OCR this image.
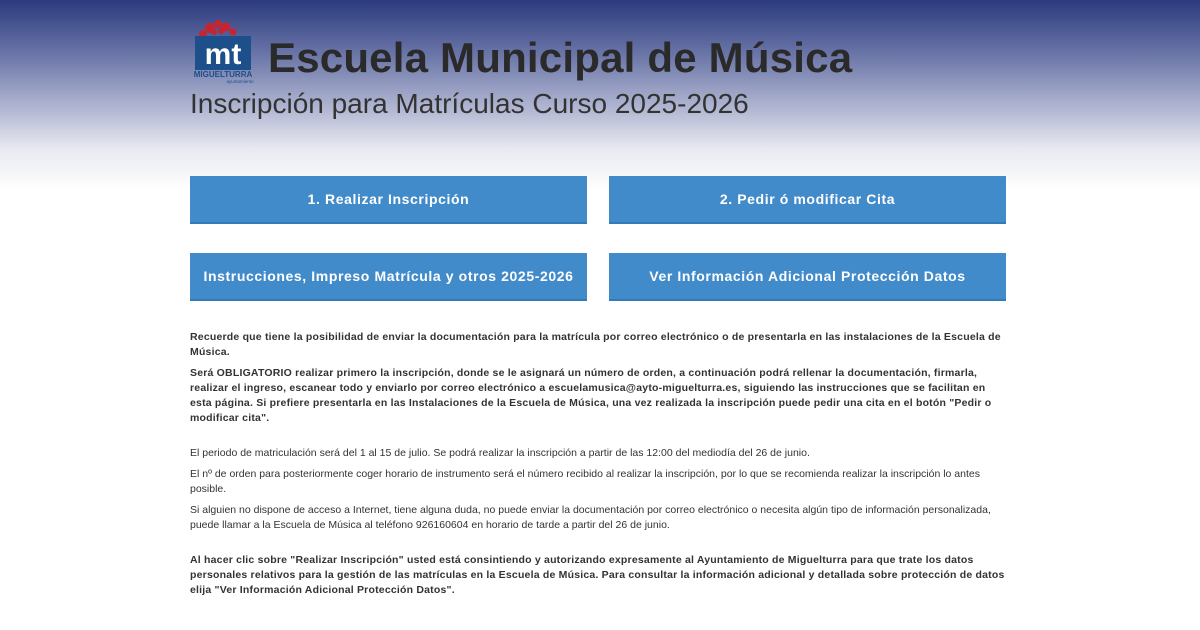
mt
MIGUELTURRA
ayuntamiento
Escuela Municipal de Música
Inscripción para Matrículas Curso 2025-2026
1. Realizar Inscripción	2. Pedir ó modificar Cita
Instrucciones, Impreso Matrícula y otros 2025-2026	Ver Información Adicional Protección Datos

Recuerde que tiene la posibilidad de enviar la documentación para la matrícula por correo electrónico o de presentarla en las instalaciones de la Escuela de Música.

Será OBLIGATORIO realizar primero la inscripción, donde se le asignará un número de orden, a continuación podrá rellenar la documentación, firmarla, realizar el ingreso, escanear todo y enviarlo por correo electrónico a escuelamusica@ayto-miguelturra.es, siguiendo las instrucciones que se facilitan en esta página. Si prefiere presentarla en las Instalaciones de la Escuela de Música, una vez realizada la inscripción puede pedir una cita en el botón "Pedir o modificar cita".

El periodo de matriculación será del 1 al 15 de julio. Se podrá realizar la inscripción a partir de las 12:00 del mediodía del 26 de junio.

El nº de orden para posteriormente coger horario de instrumento será el número recibido al realizar la inscripción, por lo que se recomienda realizar la inscripción lo antes posible.

Si alguien no dispone de acceso a Internet, tiene alguna duda, no puede enviar la documentación por correo electrónico o necesita algún tipo de información personalizada, puede llamar a la Escuela de Música al teléfono 926160604 en horario de tarde a partir del 26 de junio.

Al hacer clic sobre "Realizar Inscripción" usted está consintiendo y autorizando expresamente al Ayuntamiento de Miguelturra para que trate los datos personales relativos para la gestión de las matrículas en la Escuela de Música. Para consultar la información adicional y detallada sobre protección de datos elija "Ver Información Adicional Protección Datos".
